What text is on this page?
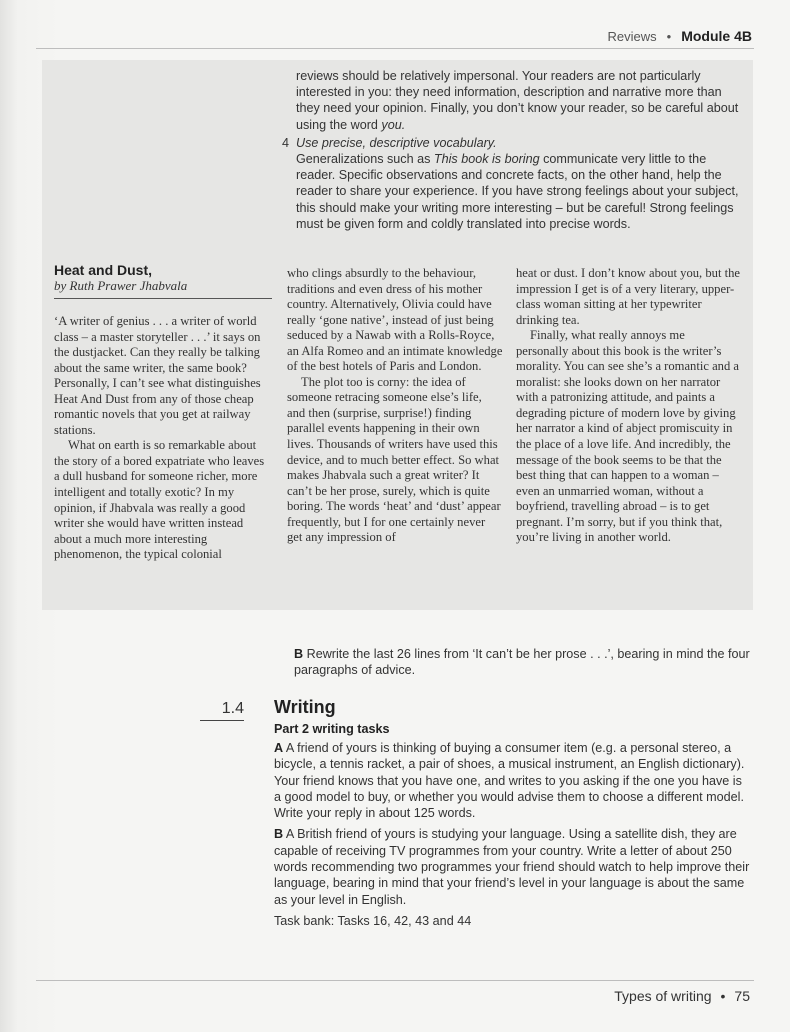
Reviews • Module 4B

reviews should be relatively impersonal. Your readers are not particularly interested in you: they need information, description and narrative more than they need your opinion. Finally, you don’t know your reader, so be careful about using the word you.

4 Use precise, descriptive vocabulary.

Generalizations such as This book is boring communicate very little to the reader. Specific observations and concrete facts, on the other hand, help the reader to share your experience. If you have strong feelings about your subject, this should make your writing more interesting – but be careful! Strong feelings must be given form and coldly translated into precise words.

Heat and Dust,
by Ruth Prawer Jhabvala

‘A writer of genius . . . a writer of world class – a master storyteller . . .’ it says on the dustjacket. Can they really be talking about the same writer, the same book? Personally, I can’t see what distinguishes Heat And Dust from any of those cheap romantic novels that you get at railway stations.

What on earth is so remarkable about the story of a bored expatriate who leaves a dull husband for someone richer, more intelligent and totally exotic? In my opinion, if Jhabvala was really a good writer she would have written instead about a much more interesting phenomenon, the typical colonial

who clings absurdly to the behaviour, traditions and even dress of his mother country. Alternatively, Olivia could have really ‘gone native’, instead of just being seduced by a Nawab with a Rolls-Royce, an Alfa Romeo and an intimate knowledge of the best hotels of Paris and London.

The plot too is corny: the idea of someone retracing someone else’s life, and then (surprise, surprise!) finding parallel events happening in their own lives. Thousands of writers have used this device, and to much better effect. So what makes Jhabvala such a great writer? It can’t be her prose, surely, which is quite boring. The words ‘heat’ and ‘dust’ appear frequently, but I for one certainly never get any impression of

heat or dust. I don’t know about you, but the impression I get is of a very literary, upper-class woman sitting at her typewriter drinking tea.

Finally, what really annoys me personally about this book is the writer’s morality. You can see she’s a romantic and a moralist: she looks down on her narrator with a patronizing attitude, and paints a degrading picture of modern love by giving her narrator a kind of abject promiscuity in the place of a love life. And incredibly, the message of the book seems to be that the best thing that can happen to a woman – even an unmarried woman, without a boyfriend, travelling abroad – is to get pregnant. I’m sorry, but if you think that, you’re living in another world.

B Rewrite the last 26 lines from ‘It can’t be her prose . . .’, bearing in mind the four paragraphs of advice.
1.4 Writing
Part 2 writing tasks

A A friend of yours is thinking of buying a consumer item (e.g. a personal stereo, a bicycle, a tennis racket, a pair of shoes, a musical instrument, an English dictionary). Your friend knows that you have one, and writes to you asking if the one you have is a good model to buy, or whether you would advise them to choose a different model. Write your reply in about 125 words.

B A British friend of yours is studying your language. Using a satellite dish, they are capable of receiving TV programmes from your country. Write a letter of about 250 words recommending two programmes your friend should watch to help improve their language, bearing in mind that your friend’s level in your language is about the same as your level in English.

Task bank: Tasks 16, 42, 43 and 44

Types of writing • 75
